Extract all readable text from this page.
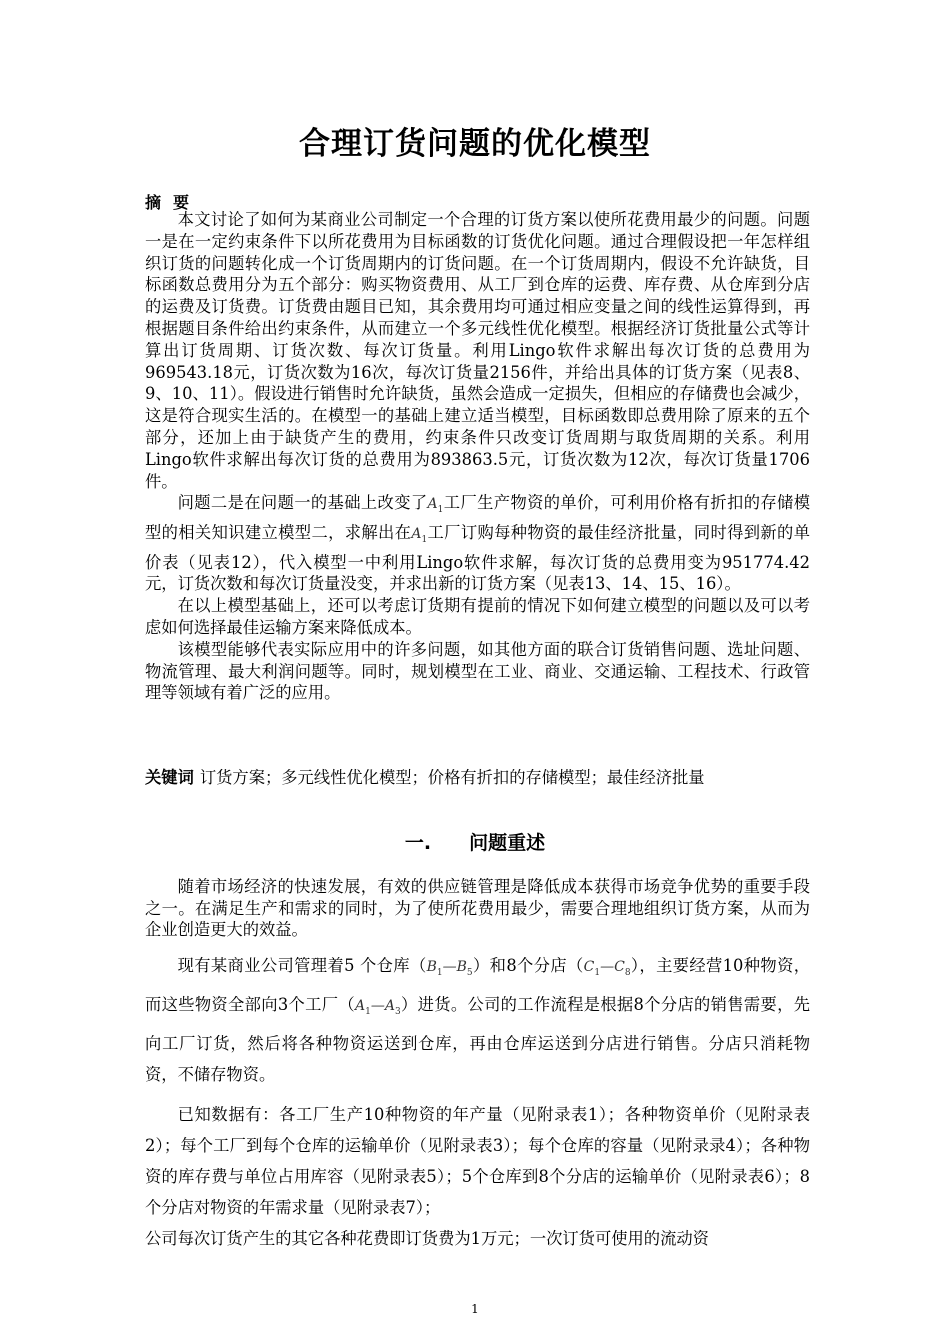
合理订货问题的优化模型
摘要

本文讨论了如何为某商业公司制定一个合理的订货方案以使所花费用最少的问题。问题一是在一定约束条件下以所花费用为目标函数的订货优化问题。通过合理假设把一年怎样组织订货的问题转化成一个订货周期内的订货问题。在一个订货周期内，假设不允许缺货，目标函数总费用分为五个部分：购买物资费用、从工厂到仓库的运费、库存费、从仓库到分店的运费及订货费。订货费由题目已知，其余费用均可通过相应变量之间的线性运算得到，再根据题目条件给出约束条件，从而建立一个多元线性优化模型。根据经济订货批量公式等计算出订货周期、订货次数、每次订货量。利用Lingo软件求解出每次订货的总费用为969543.18元，订货次数为16次，每次订货量2156件，并给出具体的订货方案（见表8、9、10、11）。假设进行销售时允许缺货，虽然会造成一定损失，但相应的存储费也会减少，这是符合现实生活的。在模型一的基础上建立适当模型，目标函数即总费用除了原来的五个部分，还加上由于缺货产生的费用，约束条件只改变订货周期与取货周期的关系。利用Lingo软件求解出每次订货的总费用为893863.5元，订货次数为12次，每次订货量1706件。

问题二是在问题一的基础上改变了$A_1$工厂生产物资的单价，可利用价格有折扣的存储模型的相关知识建立模型二，求解出在$A_1$工厂订购每种物资的最佳经济批量，同时得到新的单价表（见表12），代入模型一中利用Lingo软件求解，每次订货的总费用变为951774.42元，订货次数和每次订货量没变，并求出新的订货方案（见表13、14、15、16）。

在以上模型基础上，还可以考虑订货期有提前的情况下如何建立模型的问题以及可以考虑如何选择最佳运输方案来降低成本。

该模型能够代表实际应用中的许多问题，如其他方面的联合订货销售问题、选址问题、物流管理、最大利润问题等。同时，规划模型在工业、商业、交通运输、工程技术、行政管理等领域有着广泛的应用。

关键词 订货方案；多元线性优化模型；价格有折扣的存储模型；最佳经济批量
一. 问题重述

随着市场经济的快速发展，有效的供应链管理是降低成本获得市场竞争优势的重要手段之一。在满足生产和需求的同时，为了使所花费用最少，需要合理地组织订货方案，从而为企业创造更大的效益。

现有某商业公司管理着5 个仓库$(B_1—B_5)$和8个分店$(C_1—C_8)$，主要经营10种物资，而这些物资全部向3个工厂$(A_1—A_3)$进货。公司的工作流程是根据8个分店的销售需要，先向工厂订货，然后将各种物资运送到仓库，再由仓库运送到分店进行销售。分店只消耗物资，不储存物资。

已知数据有：各工厂生产10种物资的年产量（见附录表1）；各种物资单价（见附录表2）；每个工厂到每个仓库的运输单价（见附录表3）；每个仓库的容量（见附录录4）；各种物资的库存费与单位占用库容（见附录表5）；5个仓库到8个分店的运输单价（见附录表6）；8个分店对物资的年需求量（见附录表7）；

公司每次订货产生的其它各种花费即订货费为1万元；一次订货可使用的流动资

1
